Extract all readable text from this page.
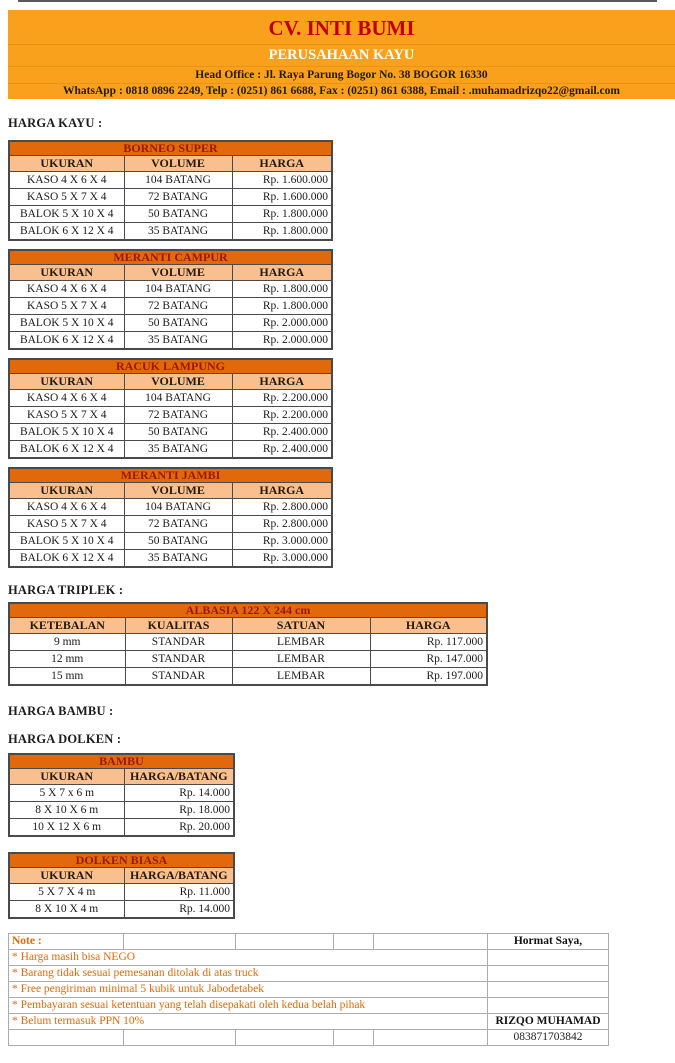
CV. INTI BUMI
PERUSAHAAN KAYU
Head Office : Jl. Raya Parung Bogor No. 38 BOGOR 16330
WhatsApp : 0818 0896 2249, Telp : (0251) 861 6688, Fax : (0251) 861 6388, Email : .muhamadrizqo22@gmail.com
HARGA KAYU :
BORNEO SUPER		
UKURAN	VOLUME	HARGA
KASO 4 X 6 X 4	104 BATANG	Rp. 1.600.000
KASO 5 X 7 X 4	72 BATANG	Rp. 1.600.000
BALOK 5 X 10 X 4	50 BATANG	Rp. 1.800.000
BALOK 6 X 12 X 4	35 BATANG	Rp. 1.800.000
MERANTI CAMPUR		
UKURAN	VOLUME	HARGA
KASO 4 X 6 X 4	104 BATANG	Rp. 1.800.000
KASO 5 X 7 X 4	72 BATANG	Rp. 1.800.000
BALOK 5 X 10 X 4	50 BATANG	Rp. 2.000.000
BALOK 6 X 12 X 4	35 BATANG	Rp. 2.000.000
RACUK LAMPUNG		
UKURAN	VOLUME	HARGA
KASO 4 X 6 X 4	104 BATANG	Rp. 2.200.000
KASO 5 X 7 X 4	72 BATANG	Rp. 2.200.000
BALOK 5 X 10 X 4	50 BATANG	Rp. 2.400.000
BALOK 6 X 12 X 4	35 BATANG	Rp. 2.400.000
MERANTI JAMBI		
UKURAN	VOLUME	HARGA
KASO 4 X 6 X 4	104 BATANG	Rp. 2.800.000
KASO 5 X 7 X 4	72 BATANG	Rp. 2.800.000
BALOK 5 X 10 X 4	50 BATANG	Rp. 3.000.000
BALOK 6 X 12 X 4	35 BATANG	Rp. 3.000.000
HARGA TRIPLEK :
ALBASIA 122 X 244 cm			
KETEBALAN	KUALITAS	SATUAN	HARGA
9 mm	STANDAR	LEMBAR	Rp. 117.000
12 mm	STANDAR	LEMBAR	Rp. 147.000
15 mm	STANDAR	LEMBAR	Rp. 197.000
HARGA BAMBU :
HARGA DOLKEN :
BAMBU	
UKURAN	HARGA/BATANG
5 X 7 x 6 m	Rp. 14.000
8 X 10 X 6 m	Rp. 18.000
10 X 12 X 6 m	Rp. 20.000
DOLKEN BIASA	
UKURAN	HARGA/BATANG
5 X 7 X 4 m	Rp. 11.000
8 X 10 X 4 m	Rp. 14.000
Note :					Hormat Saya,
* Harga masih bisa NEGO					
* Barang tidak sesuai pemesanan ditolak di atas truck					
* Free pengiriman minimal 5 kubik untuk Jabodetabek					
* Pembayaran sesuai ketentuan yang telah disepakati oleh kedua belah pihak					
* Belum termasuk PPN 10%					RIZQO MUHAMAD
					083871703842
